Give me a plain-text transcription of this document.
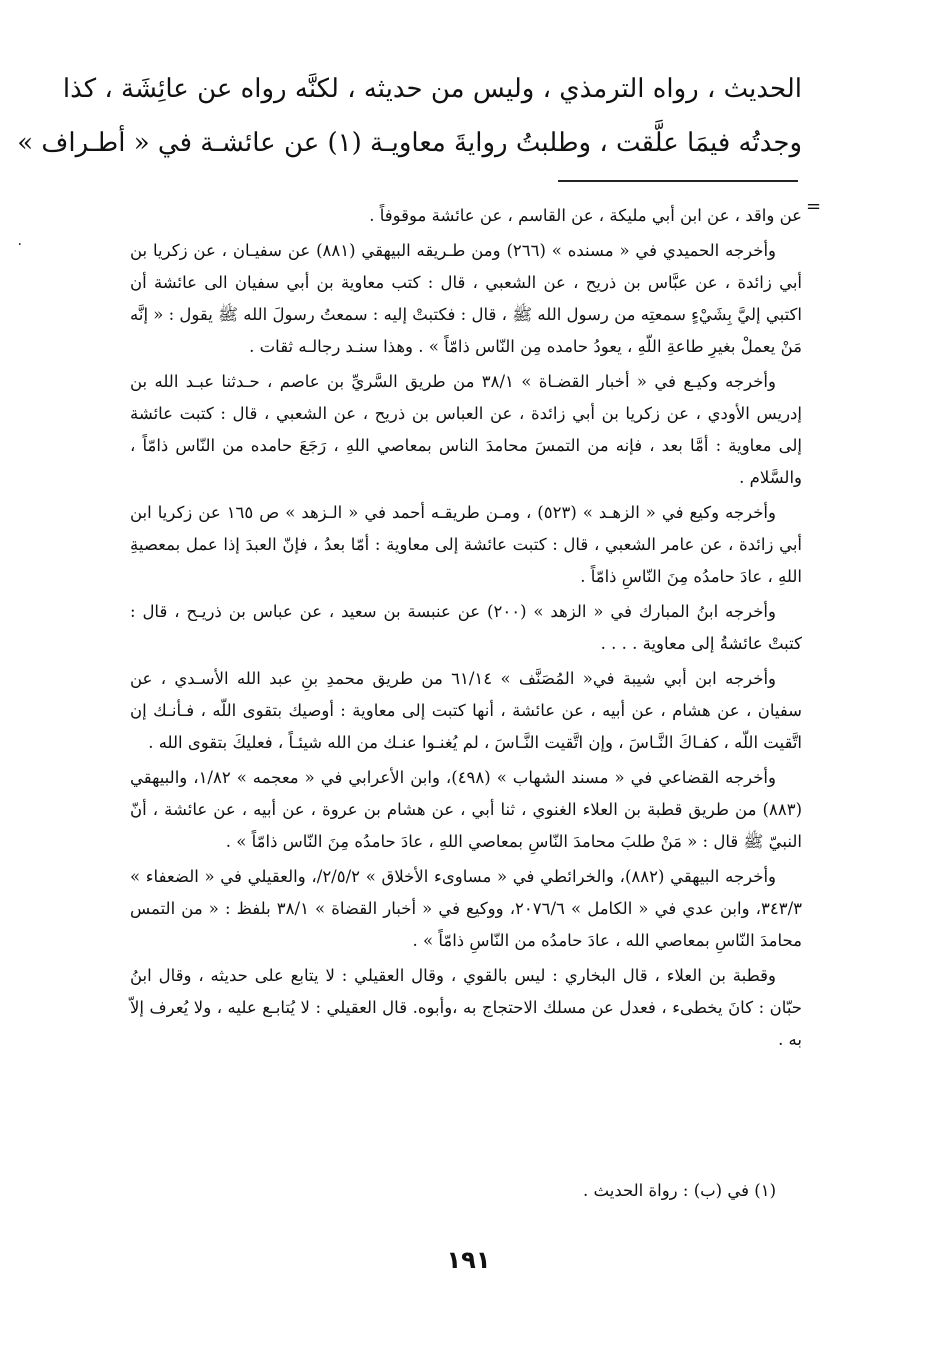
الحديث ، رواه الترمذي ، وليس من حديثه ، لكنَّه رواه عن عائِشَة ، كذا
وجدتُه فيمَا علَّقت ، وطلبتُ روايةَ معاويـة (١) عن عائشـة في « أطـراف »
=
٠

عن واقد ، عن ابن أبي مليكة ، عن القاسم ، عن عائشة موقوفاً .

وأخرجه الحميدي في « مسنده » (٢٦٦) ومن طـريقه البيهقي (٨٨١) عن سفيـان ، عن زكريا بن أبي زائدة ، عن عبَّاس بن ذريح ، عن الشعبي ، قال : كتب معاوية بن أبي سفيان الى عائشة أن اكتبي إليَّ بِشَيْءٍ سمعتِه من رسول الله ﷺ ، قال : فكتبتْ إليه : سمعتُ رسولَ الله ﷺ يقول : « إنَّه مَنْ يعملْ بغيرِ طاعةِ اللّهِ ، يعودُ حامده مِن النّاس ذامّاً » . وهذا سنـد رجالـه ثقات .

وأخرجه وكيـع في « أخبار القضـاة » ٣٨/١ من طريق السَّريِّ بن عاصم ، حـدثنا عبـد الله بن إدريس الأودي ، عن زكريا بن أبي زائدة ، عن العباس بن ذريح ، عن الشعبي ، قال : كتبت عائشة إلى معاوية : أمَّا بعد ، فإنه من التمسَ محامدَ الناس بمعاصي اللهِ ، رَجَعَ حامده من النّاس ذامّاً ، والسَّلام .

وأخرجه وكيع في « الزهـد » (٥٢٣) ، ومـن طريقـه أحمد في « الـزهد » ص ١٦٥ عن زكريا ابن أبي زائدة ، عن عامر الشعبي ، قال : كتبت عائشة إلى معاوية : أمّا بعدُ ، فإنّ العبدَ إذا عمل بمعصيةِ اللهِ ، عادَ حامدُه مِنَ النّاسِ ذامّاً .

وأخرجه ابنُ المبارك في « الزهد » (٢٠٠) عن عنبسة بن سعيد ، عن عباس بن ذريـح ، قال : كتبتْ عائشةُ إلى معاوية . . . .

وأخرجه ابن أبي شيبة في« المُصَنَّف » ٦١/١٤ من طريق محمدِ بنِ عبد الله الأسـدي ، عن سفيان ، عن هشام ، عن أبيه ، عن عائشة ، أنها كتبت إلى معاوية : أوصيك بتقوى اللّه ، فـأنـك إن اتَّقيت اللّه ، كفـاكَ النَّـاسَ ، وإن اتَّقيت النَّـاسَ ، لم يُغنـوا عنـك من الله شيئـاً ، فعليكَ بتقوى الله .

وأخرجه القضاعي في « مسند الشهاب » (٤٩٨)، وابن الأعرابي في « معجمه » ١/٨٢، والبيهقي (٨٨٣) من طريق قطبة بن العلاء الغنوي ، ثنا أبي ، عن هشام بن عروة ، عن أبيه ، عن عائشة ، أنّ النبيّ ﷺ قال : « مَنْ طلبَ محامدَ النّاسِ بمعاصي اللهِ ، عادَ حامدُه مِنَ النّاس ذامّاً » .

وأخرجه البيهقي (٨٨٢)، والخرائطي في « مساوىء الأخلاق » ٢/٥/٢/، والعقيلي في « الضعفاء » ٣٤٣/٣، وابن عدي في « الكامل » ٢٠٧٦/٦، ووكيع في « أخبار القضاة » ٣٨/١ بلفظ : « من التمس محامدَ النّاسِ بمعاصي الله ، عادَ حامدُه من النّاسِ ذامّاً » .

وقطبة بن العلاء ، قال البخاري : ليس بالقوي ، وقال العقيلي : لا يتابع على حديثه ، وقال ابنُ حبّان : كانَ يخطىء ، فعدل عن مسلك الاحتجاج به ،وأبوه. قال العقيلي : لا يُتابـع عليه ، ولا يُعرف إلاّ به .

(١) في (ب) : رواة الحديث .
١٩١
